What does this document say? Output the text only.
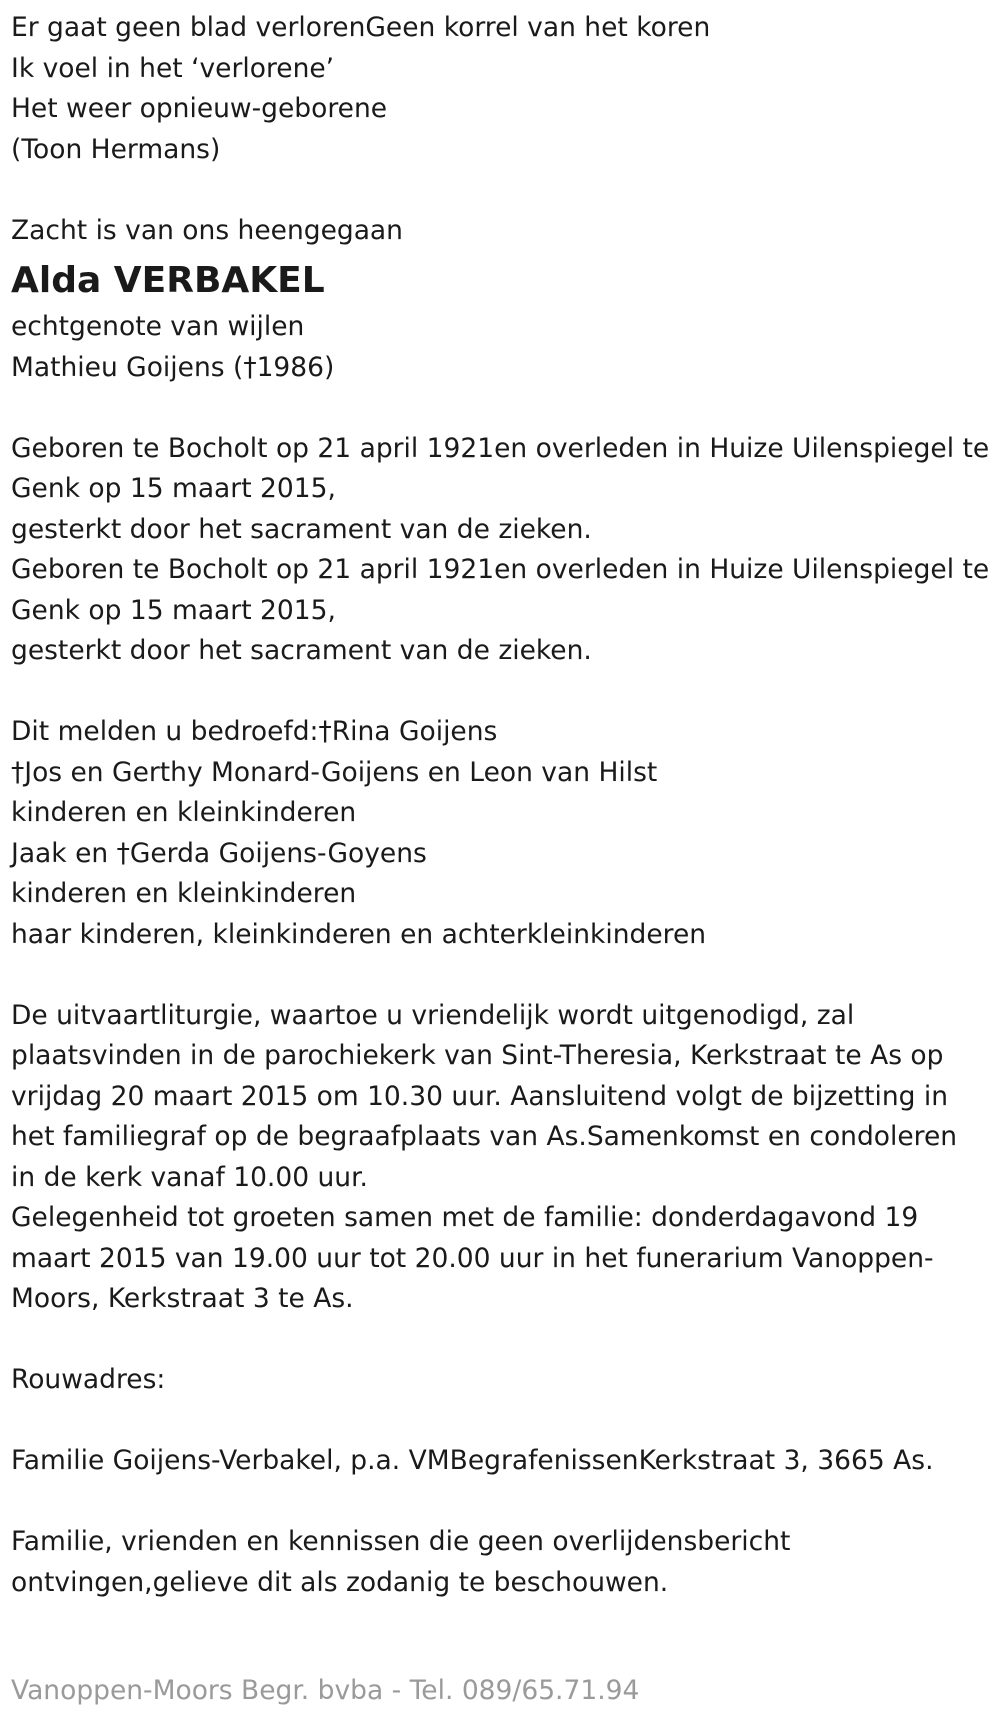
Er gaat geen blad verlorenGeen korrel van het koren
Ik voel in het ‘verlorene’
Het weer opnieuw-geborene
(Toon Hermans)
Zacht is van ons heengegaan
Alda VERBAKEL
echtgenote van wijlen
Mathieu Goijens (†1986)
Geboren te Bocholt op 21 april 1921en overleden in Huize Uilenspiegel te
Genk op 15 maart 2015,
gesterkt door het sacrament van de zieken.
Geboren te Bocholt op 21 april 1921en overleden in Huize Uilenspiegel te
Genk op 15 maart 2015,
gesterkt door het sacrament van de zieken.
Dit melden u bedroefd:†Rina Goijens
†Jos en Gerthy Monard-Goijens en Leon van Hilst
kinderen en kleinkinderen
Jaak en †Gerda Goijens-Goyens
kinderen en kleinkinderen
haar kinderen, kleinkinderen en achterkleinkinderen
De uitvaartliturgie, waartoe u vriendelijk wordt uitgenodigd, zal
plaatsvinden in de parochiekerk van Sint-Theresia, Kerkstraat te As op
vrijdag 20 maart 2015 om 10.30 uur. Aansluitend volgt de bijzetting in
het familiegraf op de begraafplaats van As.Samenkomst en condoleren
in de kerk vanaf 10.00 uur.
Gelegenheid tot groeten samen met de familie: donderdagavond 19
maart 2015 van 19.00 uur tot 20.00 uur in het funerarium Vanoppen-
Moors, Kerkstraat 3 te As.
Rouwadres:
Familie Goijens-Verbakel, p.a. VMBegrafenissenKerkstraat 3, 3665 As.
Familie, vrienden en kennissen die geen overlijdensbericht
ontvingen,gelieve dit als zodanig te beschouwen.
Vanoppen-Moors Begr. bvba - Tel. 089/65.71.94
